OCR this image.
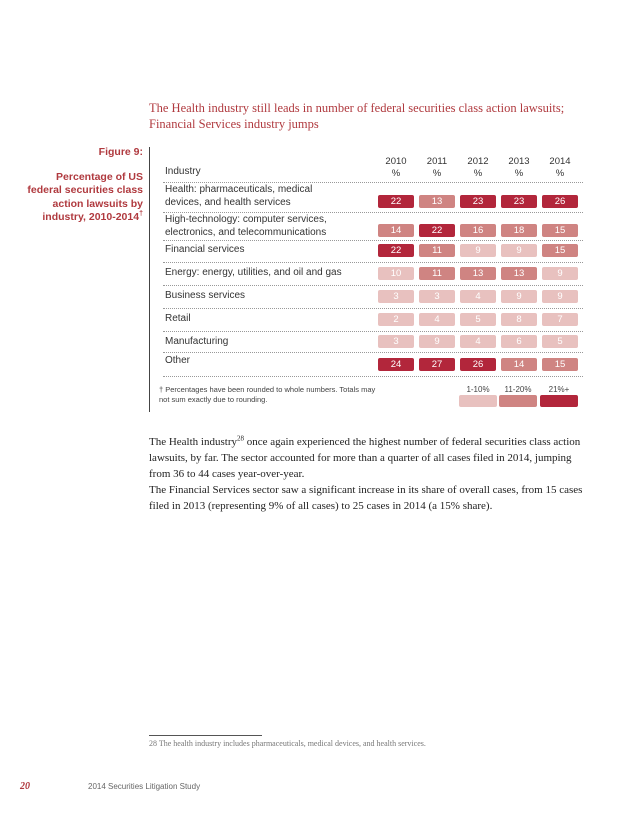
The Health industry still leads in number of federal securities class action lawsuits; Financial Services industry jumps
Figure 9:
Percentage of US federal securities class action lawsuits by industry, 2010-2014†
Industry
2010
%
2011
%
2012
%
2013
%
2014
%
Health: pharmaceuticals, medical devices, and health services	22	13	23	23	26
High-technology: computer services, electronics, and telecommunications	14	22	16	18	15
Financial services	22	11	9	9	15
Energy: energy, utilities, and oil and gas	10	11	13	13	9
Business services	3	3	4	9	9
Retail	2	4	5	8	7
Manufacturing	3	9	4	6	5
Other	24	27	26	14	15
† Percentages have been rounded to whole numbers. Totals may not sum exactly due to rounding.
1-10%	11-20%	21%+
The Health industry$^{28}$ once again experienced the highest number of federal securities class action lawsuits, by far. The sector accounted for more than a quarter of all cases filed in 2014, jumping from 36 to 44 cases year-over-year.
The Financial Services sector saw a significant increase in its share of overall cases, from 15 cases filed in 2013 (representing 9% of all cases) to 25 cases in 2014 (a 15% share).
28 The health industry includes pharmaceuticals, medical devices, and health services.
20	2014 Securities Litigation Study
